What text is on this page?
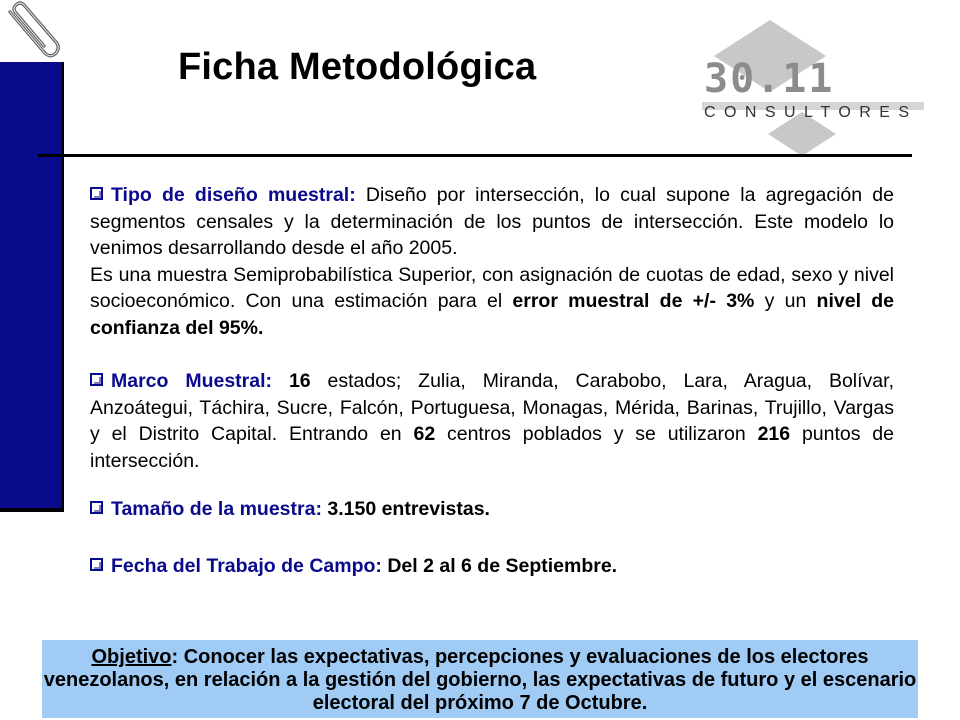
Ficha Metodológica	30.11
C O N S U L T O R E S

Tipo de diseño muestral: Diseño por intersección, lo cual supone la agregación de segmentos censales y la determinación de los puntos de intersección. Este modelo lo venimos desarrollando desde el año 2005.

Es una muestra Semiprobabilística Superior, con asignación de cuotas de edad, sexo y nivel socioeconómico. Con una estimación para el error muestral de +/- 3% y un nivel de confianza del 95%.

Marco Muestral: 16 estados; Zulia, Miranda, Carabobo, Lara, Aragua, Bolívar, Anzoátegui, Táchira, Sucre, Falcón, Portuguesa, Monagas, Mérida, Barinas, Trujillo, Vargas y el Distrito Capital. Entrando en 62 centros poblados y se utilizaron 216 puntos de intersección.

Tamaño de la muestra: 3.150 entrevistas.

Fecha del Trabajo de Campo: Del 2 al 6 de Septiembre.

Objetivo: Conocer las expectativas, percepciones y evaluaciones de los electores venezolanos, en relación a la gestión del gobierno, las expectativas de futuro y el escenario electoral del próximo 7 de Octubre.
